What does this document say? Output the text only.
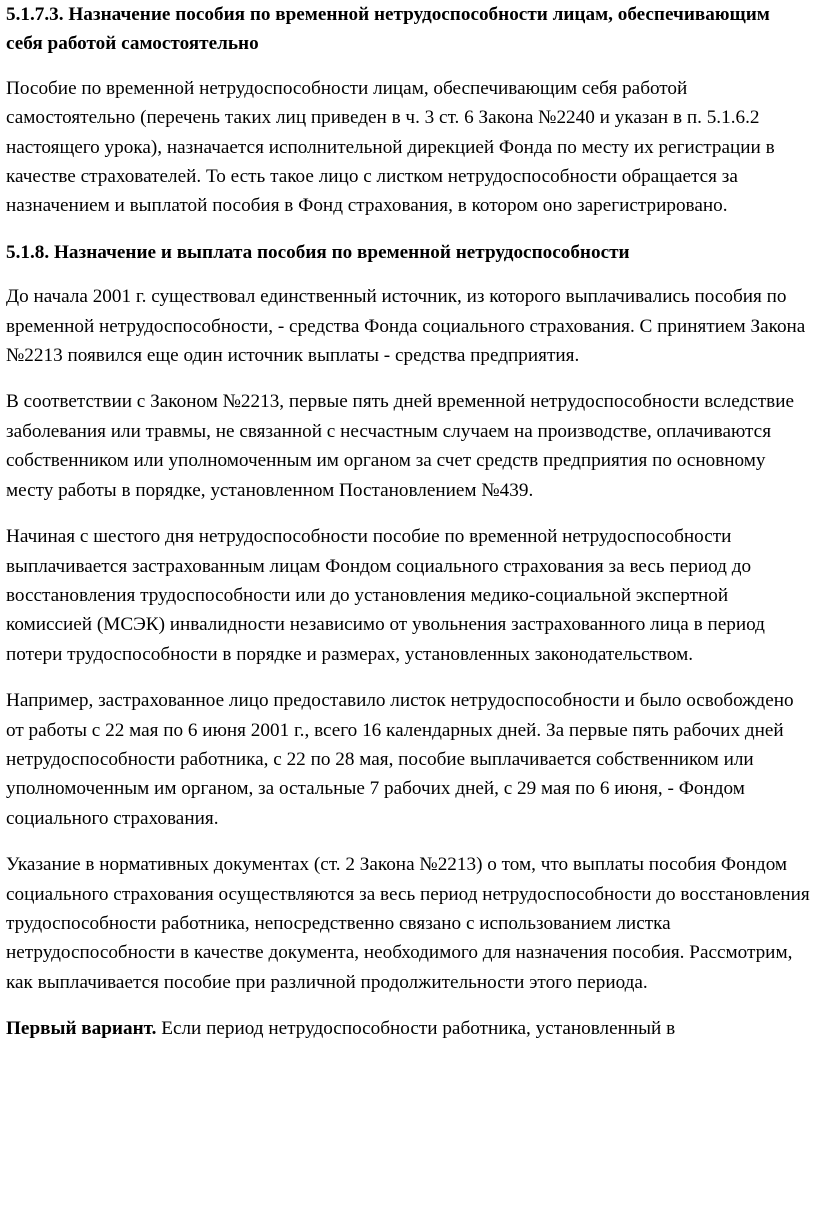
5.1.7.3. Назначение пособия по временной нетрудоспособности лицам, обеспечивающим себя работой самостоятельно

Пособие по временной нетрудоспособности лицам, обеспечивающим себя работой самостоятельно (перечень таких лиц приведен в ч. 3 ст. 6 Закона №2240 и указан в п. 5.1.6.2 настоящего урока), назначается исполнительной дирекцией Фонда по месту их регистрации в качестве страхователей. То есть такое лицо с листком нетрудоспособности обращается за назначением и выплатой пособия в Фонд страхования, в котором оно зарегистрировано.

5.1.8. Назначение и выплата пособия по временной нетрудоспособности

До начала 2001 г. существовал единственный источник, из которого выплачивались пособия по временной нетрудоспособности, - средства Фонда социального страхования. С принятием Закона №2213 появился еще один источник выплаты - средства предприятия.

В соответствии с Законом №2213, первые пять дней временной нетрудоспособности вследствие заболевания или травмы, не связанной с несчастным случаем на производстве, оплачиваются собственником или уполномоченным им органом за счет средств предприятия по основному месту работы в порядке, установленном Постановлением №439.

Начиная с шестого дня нетрудоспособности пособие по временной нетрудоспособности выплачивается застрахованным лицам Фондом социального страхования за весь период до восстановления трудоспособности или до установления медико-социальной экспертной комиссией (МСЭК) инвалидности независимо от увольнения застрахованного лица в период потери трудоспособности в порядке и размерах, установленных законодательством.

Например, застрахованное лицо предоставило листок нетрудоспособности и было освобождено от работы с 22 мая по 6 июня 2001 г., всего 16 календарных дней. За первые пять рабочих дней нетрудоспособности работника, с 22 по 28 мая, пособие выплачивается собственником или уполномоченным им органом, за остальные 7 рабочих дней, с 29 мая по 6 июня, - Фондом социального страхования.

Указание в нормативных документах (ст. 2 Закона №2213) о том, что выплаты пособия Фондом социального страхования осуществляются за весь период нетрудоспособности до восстановления трудоспособности работника, непосредственно связано с использованием листка нетрудоспособности в качестве документа, необходимого для назначения пособия. Рассмотрим, как выплачивается пособие при различной продолжительности этого периода.

Первый вариант. Если период нетрудоспособности работника, установленный в
